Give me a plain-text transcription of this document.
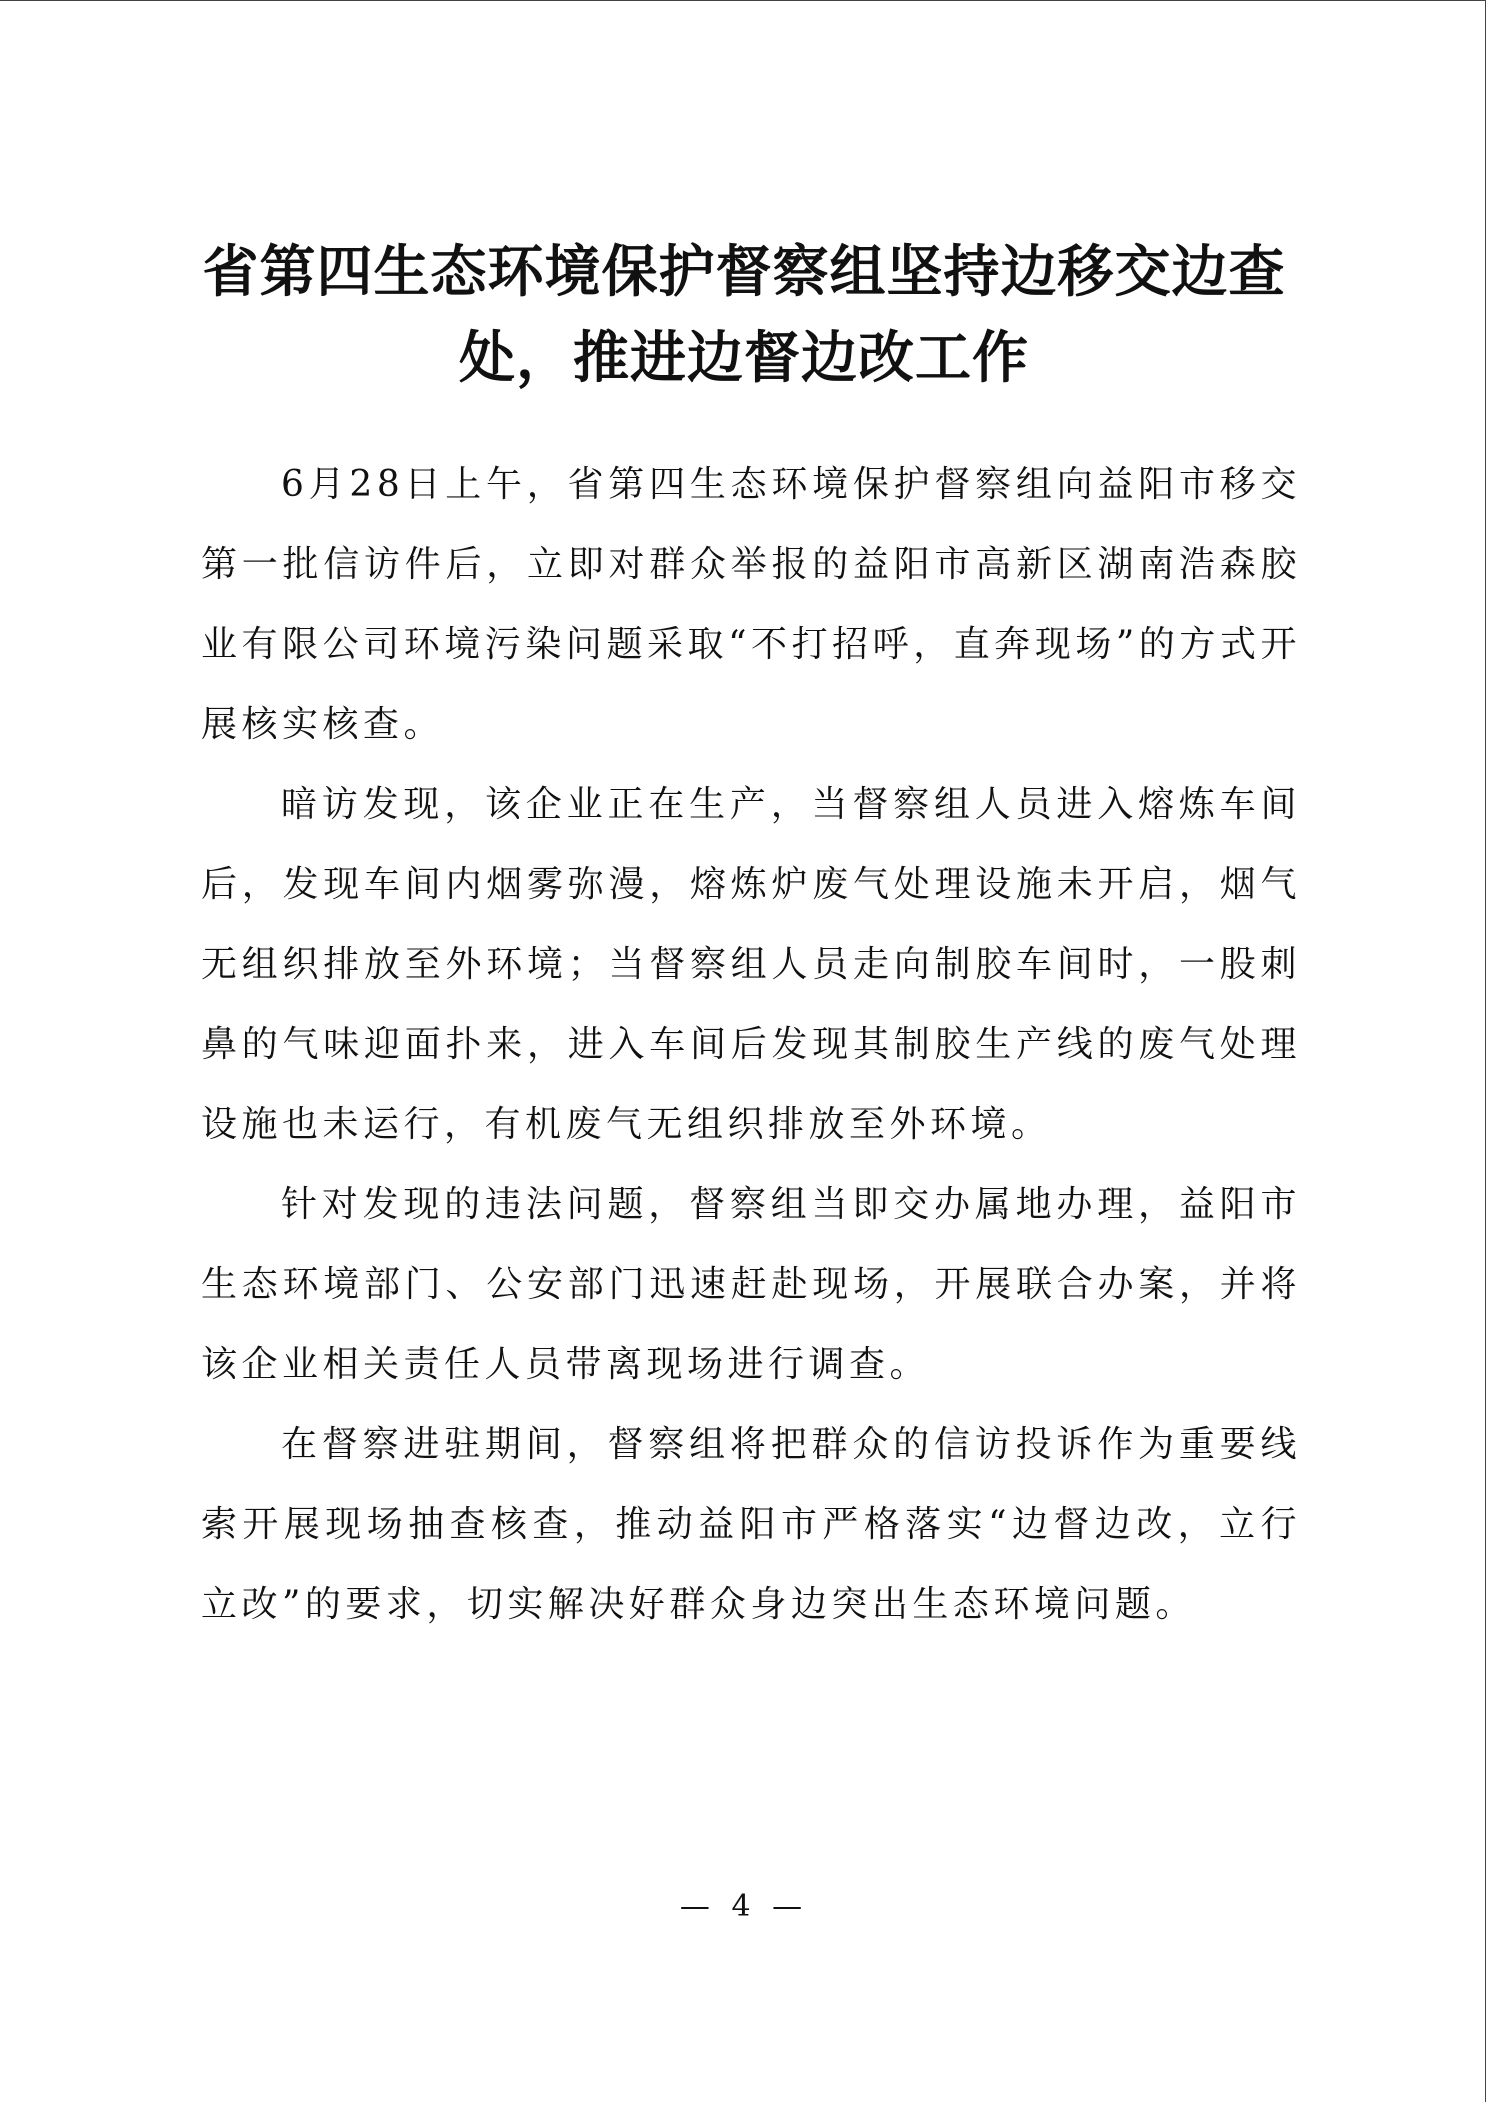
省第四生态环境保护督察组坚持边移交边查
处，推进边督边改工作

6月28日上午，省第四生态环境保护督察组向益阳市移交第一批信访件后，立即对群众举报的益阳市高新区湖南浩森胶业有限公司环境污染问题采取“不打招呼，直奔现场”的方式开展核实核查。

暗访发现，该企业正在生产，当督察组人员进入熔炼车间后，发现车间内烟雾弥漫，熔炼炉废气处理设施未开启，烟气无组织排放至外环境；当督察组人员走向制胶车间时，一股刺鼻的气味迎面扑来，进入车间后发现其制胶生产线的废气处理设施也未运行，有机废气无组织排放至外环境。

针对发现的违法问题，督察组当即交办属地办理，益阳市生态环境部门、公安部门迅速赶赴现场，开展联合办案，并将该企业相关责任人员带离现场进行调查。

在督察进驻期间，督察组将把群众的信访投诉作为重要线索开展现场抽查核查，推动益阳市严格落实“边督边改，立行立改”的要求，切实解决好群众身边突出生态环境问题。

— 4 —
